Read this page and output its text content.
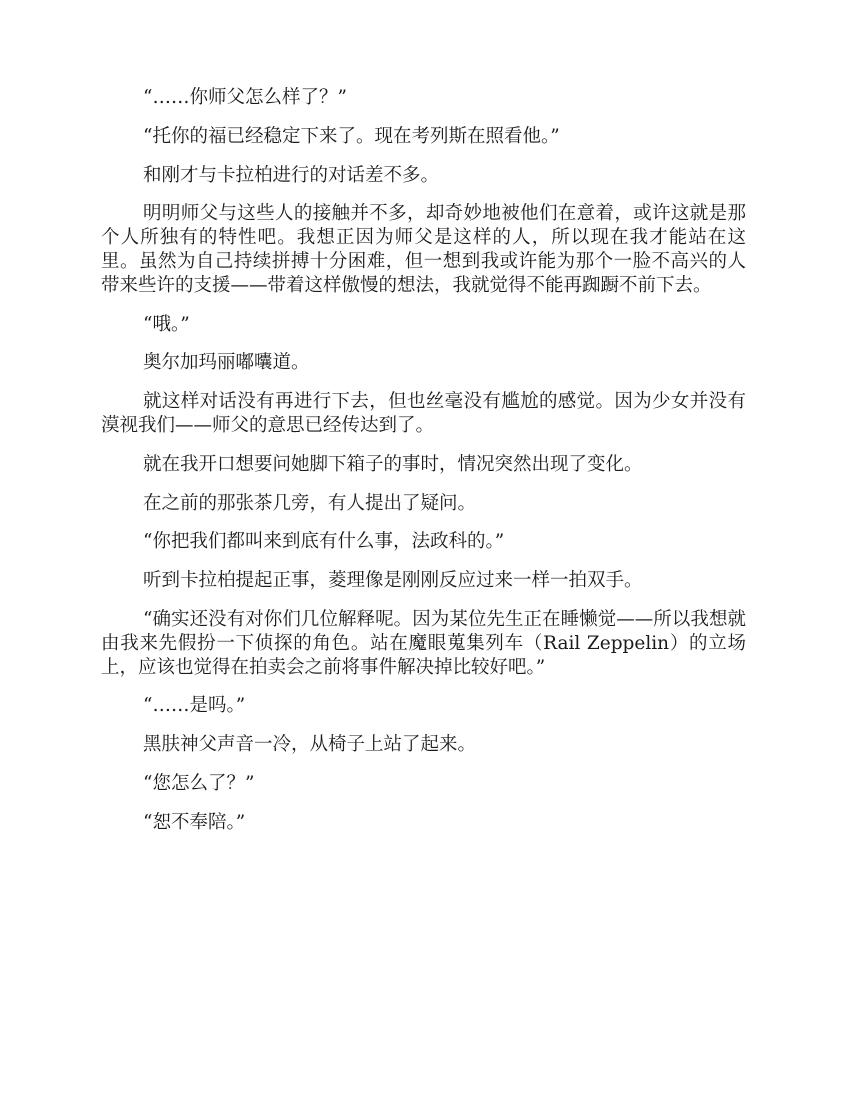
“……你师父怎么样了？”

“托你的福已经稳定下来了。现在考列斯在照看他。”

和刚才与卡拉柏进行的对话差不多。

明明师父与这些人的接触并不多，却奇妙地被他们在意着，或许这就是那个人所独有的特性吧。我想正因为师父是这样的人，所以现在我才能站在这里。虽然为自己持续拼搏十分困难，但一想到我或许能为那个一脸不高兴的人带来些许的支援——带着这样傲慢的想法，我就觉得不能再踟蹰不前下去。

“哦。”

奥尔加玛丽嘟囔道。

就这样对话没有再进行下去，但也丝毫没有尴尬的感觉。因为少女并没有漠视我们——师父的意思已经传达到了。

就在我开口想要问她脚下箱子的事时，情况突然出现了变化。

在之前的那张茶几旁，有人提出了疑问。

“你把我们都叫来到底有什么事，法政科的。”

听到卡拉柏提起正事，菱理像是刚刚反应过来一样一拍双手。

“确实还没有对你们几位解释呢。因为某位先生正在睡懒觉——所以我想就由我来先假扮一下侦探的角色。站在魔眼蒐集列车（Rail Zeppelin）的立场上，应该也觉得在拍卖会之前将事件解决掉比较好吧。”

“……是吗。”

黑肤神父声音一冷，从椅子上站了起来。

“您怎么了？”

“恕不奉陪。”
